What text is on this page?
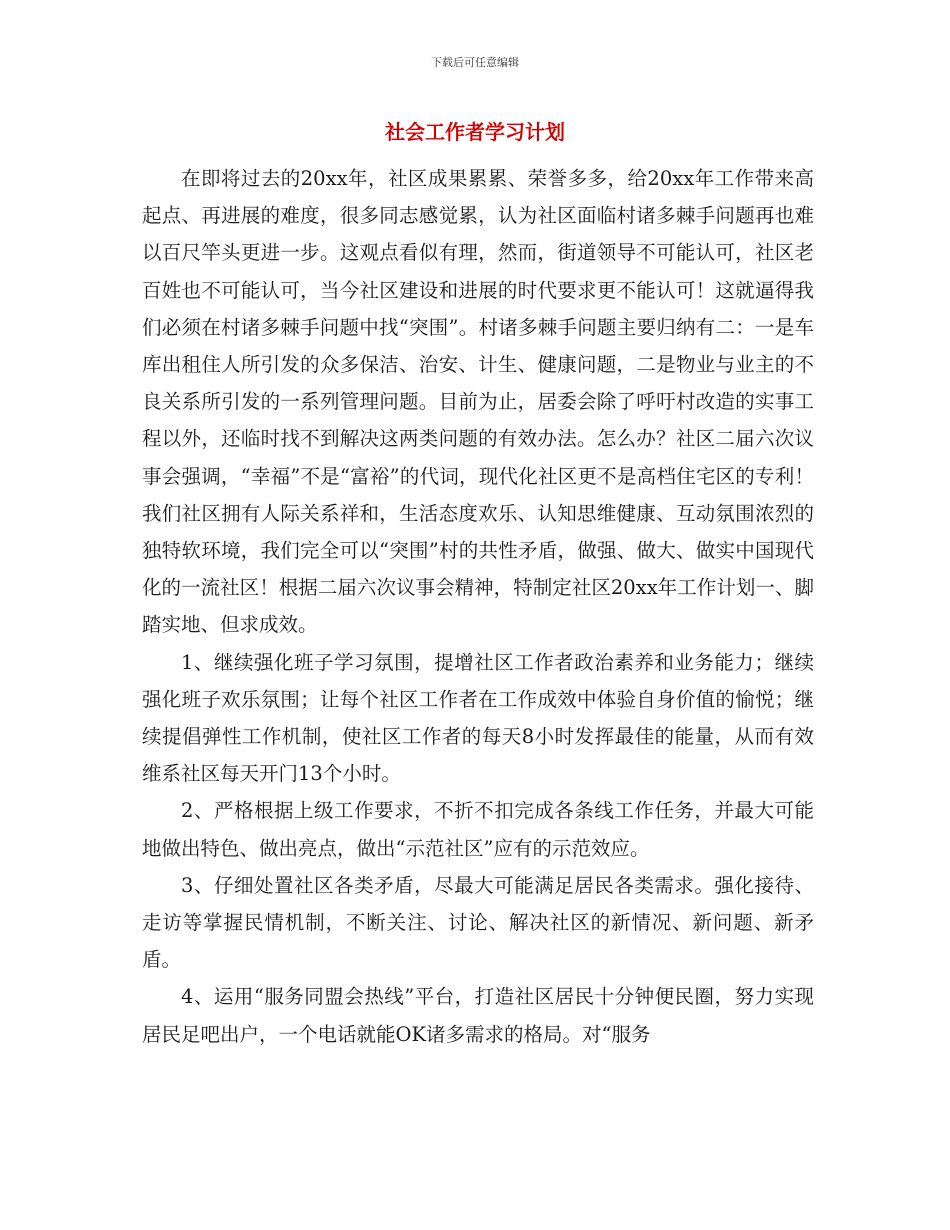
下载后可任意编辑
社会工作者学习计划

在即将过去的20xx年，社区成果累累、荣誉多多，给20xx年工作带来高起点、再进展的难度，很多同志感觉累，认为社区面临村诸多棘手问题再也难以百尺竿头更进一步。这观点看似有理，然而，街道领导不可能认可，社区老百姓也不可能认可，当今社区建设和进展的时代要求更不能认可！这就逼得我们必须在村诸多棘手问题中找“突围”。村诸多棘手问题主要归纳有二：一是车库出租住人所引发的众多保洁、治安、计生、健康问题，二是物业与业主的不良关系所引发的一系列管理问题。目前为止，居委会除了呼吁村改造的实事工程以外，还临时找不到解决这两类问题的有效办法。怎么办？社区二届六次议事会强调，“幸福”不是“富裕”的代词，现代化社区更不是高档住宅区的专利！我们社区拥有人际关系祥和，生活态度欢乐、认知思维健康、互动氛围浓烈的独特软环境，我们完全可以“突围”村的共性矛盾，做强、做大、做实中国现代化的一流社区！根据二届六次议事会精神，特制定社区20xx年工作计划一、脚踏实地、但求成效。

1、继续强化班子学习氛围，提增社区工作者政治素养和业务能力；继续强化班子欢乐氛围；让每个社区工作者在工作成效中体验自身价值的愉悦；继续提倡弹性工作机制，使社区工作者的每天8小时发挥最佳的能量，从而有效维系社区每天开门13个小时。

2、严格根据上级工作要求，不折不扣完成各条线工作任务，并最大可能地做出特色、做出亮点，做出“示范社区”应有的示范效应。

3、仔细处置社区各类矛盾，尽最大可能满足居民各类需求。强化接待、走访等掌握民情机制，不断关注、讨论、解决社区的新情况、新问题、新矛盾。

4、运用“服务同盟会热线”平台，打造社区居民十分钟便民圈，努力实现居民足吧出户，一个电话就能OK诸多需求的格局。对“服务
